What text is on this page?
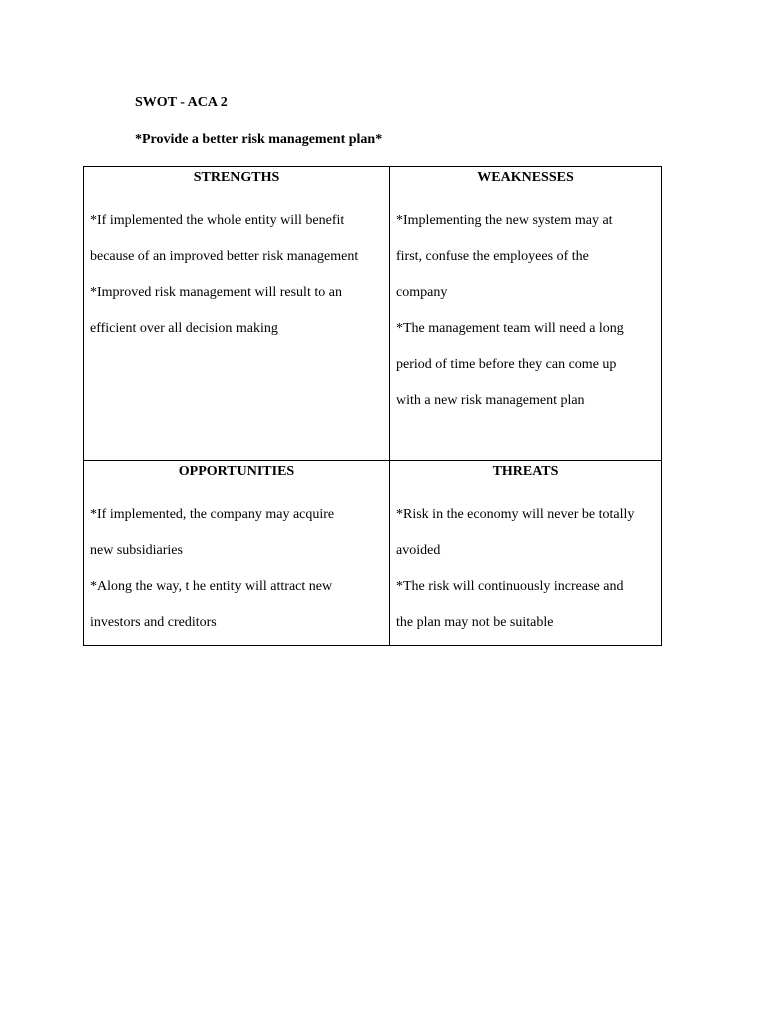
SWOT - ACA 2
*Provide a better risk management plan*
STRENGTHS
*If implemented the whole entity will benefit
because of an improved better risk management
*Improved risk management will result to an
efficient over all decision making
WEAKNESSES
*Implementing the new system may at
first, confuse the employees of the
company
*The management team will need a long
period of time before they can come up
with a new risk management plan
OPPORTUNITIES
*If implemented, the company may acquire
new subsidiaries
*Along the way, t he entity will attract new
investors and creditors
THREATS
*Risk in the economy will never be totally
avoided
*The risk will continuously increase and
the plan may not be suitable
